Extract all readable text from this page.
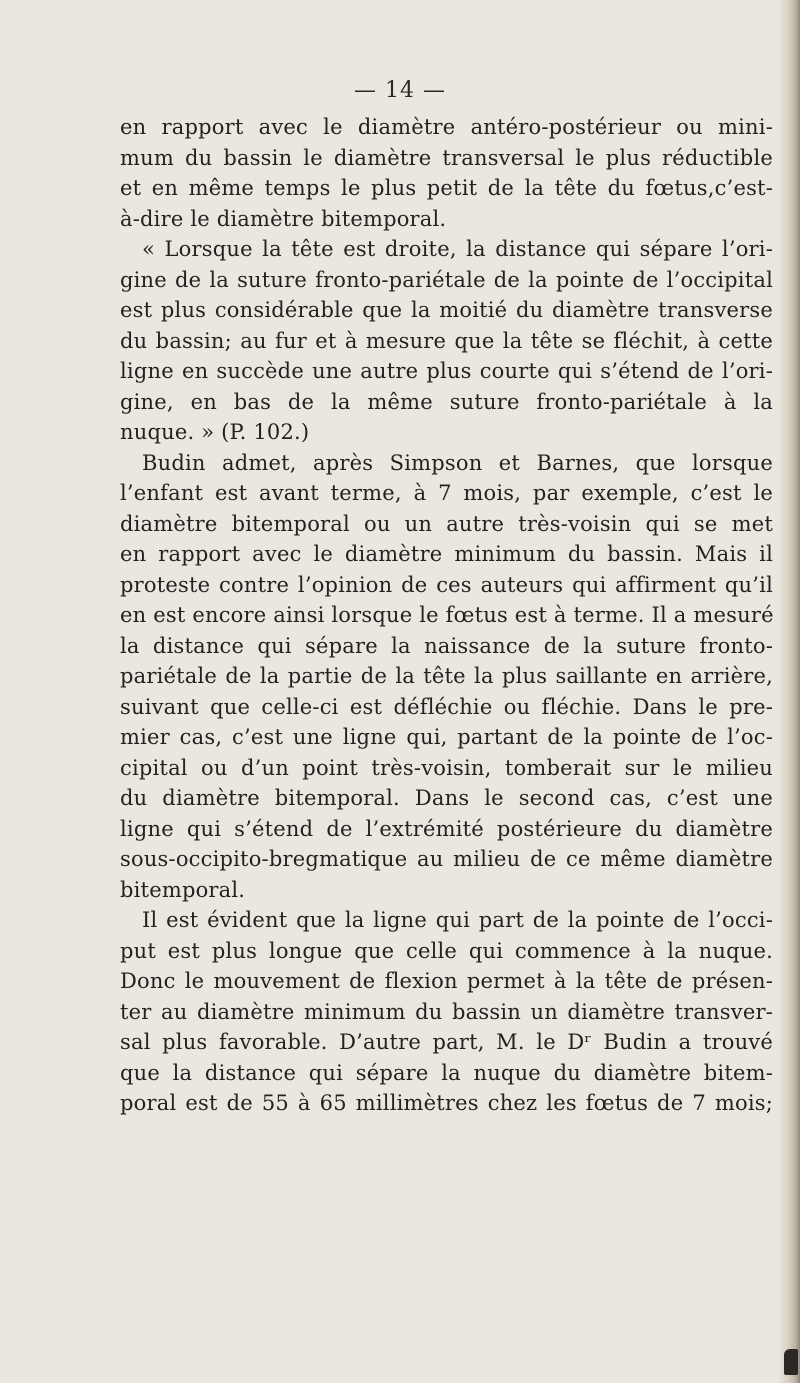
— 14 —
en rapport avec le diamètre antéro-postérieur ou mini-
mum du bassin le diamètre transversal le plus réductible
et en même temps le plus petit de la tête du fœtus,c’est-
à-dire le diamètre bitemporal.
« Lorsque la tête est droite, la distance qui sépare l’ori-
gine de la suture fronto-pariétale de la pointe de l’occipital
est plus considérable que la moitié du diamètre transverse
du bassin; au fur et à mesure que la tête se fléchit, à cette
ligne en succède une autre plus courte qui s’étend de l’ori-
gine, en bas de la même suture fronto-pariétale à la
nuque. » (P. 102.)
Budin admet, après Simpson et Barnes, que lorsque
l’enfant est avant terme, à 7 mois, par exemple, c’est le
diamètre bitemporal ou un autre très-voisin qui se met
en rapport avec le diamètre minimum du bassin. Mais il
proteste contre l’opinion de ces auteurs qui affirment qu’il
en est encore ainsi lorsque le fœtus est à terme. Il a mesuré
la distance qui sépare la naissance de la suture fronto-
pariétale de la partie de la tête la plus saillante en arrière,
suivant que celle-ci est défléchie ou fléchie. Dans le pre-
mier cas, c’est une ligne qui, partant de la pointe de l’oc-
cipital ou d’un point très-voisin, tomberait sur le milieu
du diamètre bitemporal. Dans le second cas, c’est une
ligne qui s’étend de l’extrémité postérieure du diamètre
sous-occipito-bregmatique au milieu de ce même diamètre
bitemporal.
Il est évident que la ligne qui part de la pointe de l’occi-
put est plus longue que celle qui commence à la nuque.
Donc le mouvement de flexion permet à la tête de présen-
ter au diamètre minimum du bassin un diamètre transver-
sal plus favorable. D’autre part, M. le Dʳ Budin a trouvé
que la distance qui sépare la nuque du diamètre bitem-
poral est de 55 à 65 millimètres chez les fœtus de 7 mois;
